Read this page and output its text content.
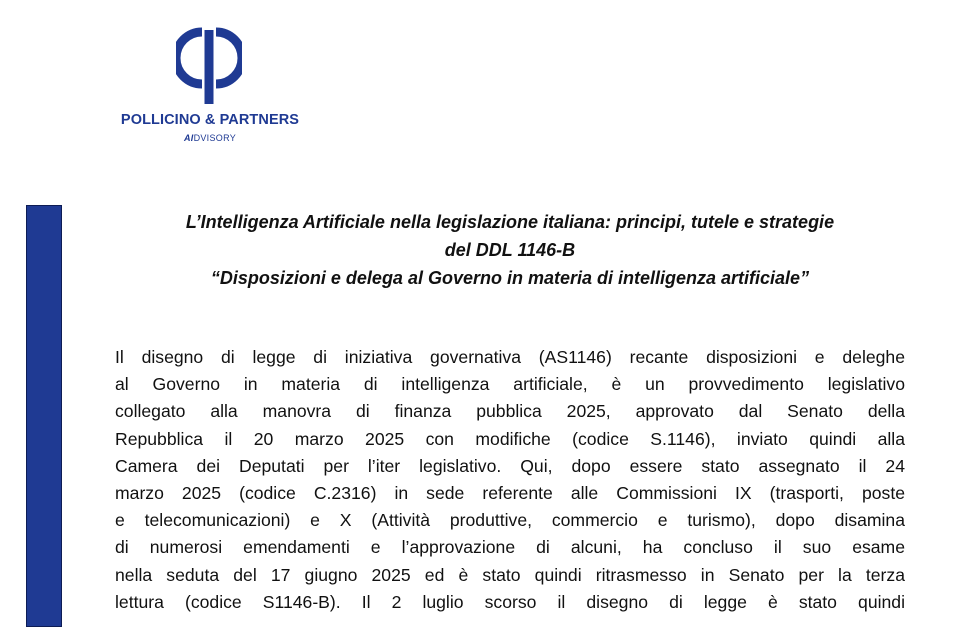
POLLICINO & PARTNERS
AIDVISORY
L’Intelligenza Artificiale nella legislazione italiana: principi, tutele e strategie
del DDL 1146-B
“Disposizioni e delega al Governo in materia di intelligenza artificiale”
Il disegno di legge di iniziativa governativa (AS1146) recante disposizioni e deleghe
al Governo in materia di intelligenza artificiale, è un provvedimento legislativo
collegato alla manovra di finanza pubblica 2025, approvato dal Senato della
Repubblica il 20 marzo 2025 con modifiche (codice S.1146), inviato quindi alla
Camera dei Deputati per l’iter legislativo. Qui, dopo essere stato assegnato il 24
marzo 2025 (codice C.2316) in sede referente alle Commissioni IX (trasporti, poste
e telecomunicazioni) e X (Attività produttive, commercio e turismo), dopo disamina
di numerosi emendamenti e l’approvazione di alcuni, ha concluso il suo esame
nella seduta del 17 giugno 2025 ed è stato quindi ritrasmesso in Senato per la terza
lettura (codice S1146-B). Il 2 luglio scorso il disegno di legge è stato quindi
